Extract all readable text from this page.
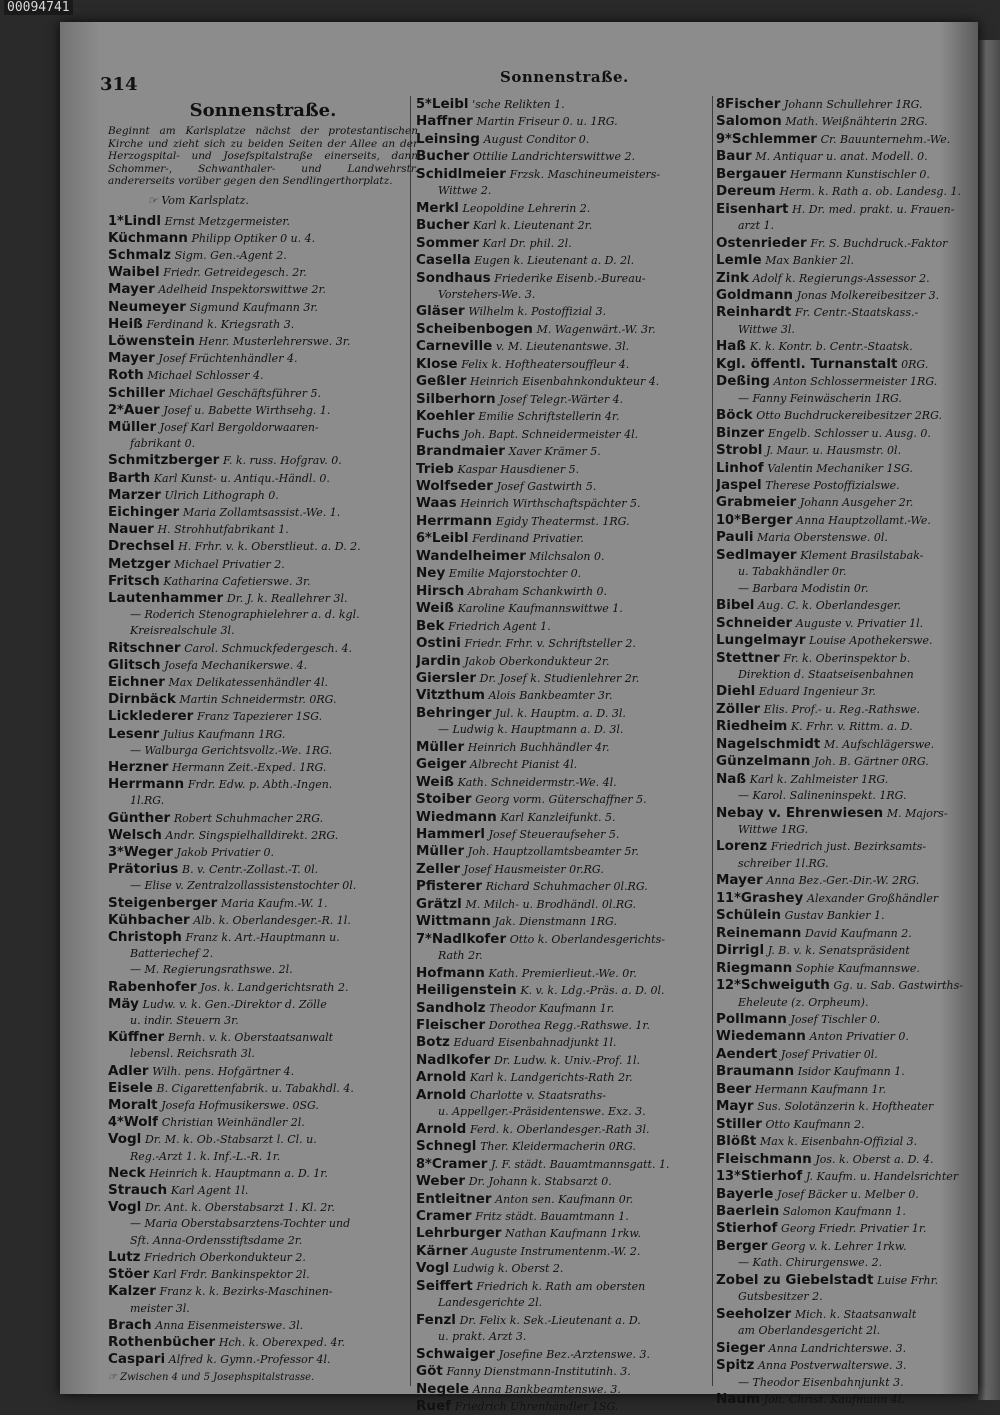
00094741
314	Sonnenstraße.
Sonnenstraße.
Beginnt am Karlsplatze nächst der protestantischen Kirche und zieht sich zu beiden Seiten der Allee an der Herzogspital- und Josefspitalstraße einerseits, dann Schommer-, Schwanthaler- und Landwehrstr. andererseits vorüber gegen den Sendlingerthorplatz.
☞ Vom Karlsplatz.
1*Lindl Ernst Metzgermeister.
Küchmann Philipp Optiker 0 u. 4.
Schmalz Sigm. Gen.-Agent 2.
Waibel Friedr. Getreidegesch. 2r.
Mayer Adelheid Inspektorswittwe 2r.
Neumeyer Sigmund Kaufmann 3r.
Heiß Ferdinand k. Kriegsrath 3.
Löwenstein Henr. Musterlehrerswe. 3r.
Mayer Josef Früchtenhändler 4.
Roth Michael Schlosser 4.
Schiller Michael Geschäftsführer 5.
2*Auer Josef u. Babette Wirthsehg. 1.
Müller Josef Karl Bergoldorwaaren-
fabrikant 0.
Schmitzberger F. k. russ. Hofgrav. 0.
Barth Karl Kunst- u. Antiqu.-Händl. 0.
Marzer Ulrich Lithograph 0.
Eichinger Maria Zollamtsassist.-We. 1.
Nauer H. Strohhutfabrikant 1.
Drechsel H. Frhr. v. k. Oberstlieut. a. D. 2.
Metzger Michael Privatier 2.
Fritsch Katharina Cafetierswe. 3r.
Lautenhammer Dr. J. k. Reallehrer 3l.
— Roderich Stenographielehrer a. d. kgl.
Kreisrealschule 3l.
Ritschner Carol. Schmuckfedergesch. 4.
Glitsch Josefa Mechanikerswe. 4.
Eichner Max Delikatessenhändler 4l.
Dirnbäck Martin Schneidermstr. 0RG.
Licklederer Franz Tapezierer 1SG.
Lesenr Julius Kaufmann 1RG.
— Walburga Gerichtsvollz.-We. 1RG.
Herzner Hermann Zeit.-Exped. 1RG.
Herrmann Frdr. Edw. p. Abth.-Ingen.
1l.RG.
Günther Robert Schuhmacher 2RG.
Welsch Andr. Singspielhalldirekt. 2RG.
3*Weger Jakob Privatier 0.
Prätorius B. v. Centr.-Zollast.-T. 0l.
— Elise v. Zentralzollassistenstochter 0l.
Steigenberger Maria Kaufm.-W. 1.
Kühbacher Alb. k. Oberlandesger.-R. 1l.
Christoph Franz k. Art.-Hauptmann u.
Batteriechef 2.
— M. Regierungsrathswe. 2l.
Rabenhofer Jos. k. Landgerichtsrath 2.
Mäy Ludw. v. k. Gen.-Direktor d. Zölle
u. indir. Steuern 3r.
Küffner Bernh. v. k. Oberstaatsanwalt
lebensl. Reichsrath 3l.
Adler Wilh. pens. Hofgärtner 4.
Eisele B. Cigarettenfabrik. u. Tabakhdl. 4.
Moralt Josefa Hofmusikerswe. 0SG.
4*Wolf Christian Weinhändler 2l.
Vogl Dr. M. k. Ob.-Stabsarzt l. Cl. u.
Reg.-Arzt 1. k. Inf.-L.-R. 1r.
Neck Heinrich k. Hauptmann a. D. 1r.
Strauch Karl Agent 1l.
Vogl Dr. Ant. k. Oberstabsarzt 1. Kl. 2r.
— Maria Oberstabsarztens-Tochter und
Sft. Anna-Ordensstiftsdame 2r.
Lutz Friedrich Oberkondukteur 2.
Stöer Karl Frdr. Bankinspektor 2l.
Kalzer Franz k. k. Bezirks-Maschinen-
meister 3l.
Brach Anna Eisenmeisterswe. 3l.
Rothenbücher Hch. k. Oberexped. 4r.
Caspari Alfred k. Gymn.-Professor 4l.
☞ Zwischen 4 und 5 Josephspitalstrasse.
5*Leibl 'sche Relikten 1.
Haffner Martin Friseur 0. u. 1RG.
Leinsing August Conditor 0.
Bucher Ottilie Landrichterswittwe 2.
Schidlmeier Frzsk. Maschineumeisters-
Wittwe 2.
Merkl Leopoldine Lehrerin 2.
Bucher Karl k. Lieutenant 2r.
Sommer Karl Dr. phil. 2l.
Casella Eugen k. Lieutenant a. D. 2l.
Sondhaus Friederike Eisenb.-Bureau-
Vorstehers-We. 3.
Gläser Wilhelm k. Postoffizial 3.
Scheibenbogen M. Wagenwärt.-W. 3r.
Carneville v. M. Lieutenantswe. 3l.
Klose Felix k. Hoftheatersouffleur 4.
Geßler Heinrich Eisenbahnkondukteur 4.
Silberhorn Josef Telegr.-Wärter 4.
Koehler Emilie Schriftstellerin 4r.
Fuchs Joh. Bapt. Schneidermeister 4l.
Brandmaier Xaver Krämer 5.
Trieb Kaspar Hausdiener 5.
Wolfseder Josef Gastwirth 5.
Waas Heinrich Wirthschaftspächter 5.
Herrmann Egidy Theatermst. 1RG.
6*Leibl Ferdinand Privatier.
Wandelheimer Milchsalon 0.
Ney Emilie Majorstochter 0.
Hirsch Abraham Schankwirth 0.
Weiß Karoline Kaufmannswittwe 1.
Bek Friedrich Agent 1.
Ostini Friedr. Frhr. v. Schriftsteller 2.
Jardin Jakob Oberkondukteur 2r.
Giersler Dr. Josef k. Studienlehrer 2r.
Vitzthum Alois Bankbeamter 3r.
Behringer Jul. k. Hauptm. a. D. 3l.
— Ludwig k. Hauptmann a. D. 3l.
Müller Heinrich Buchhändler 4r.
Geiger Albrecht Pianist 4l.
Weiß Kath. Schneidermstr.-We. 4l.
Stoiber Georg vorm. Güterschaffner 5.
Wiedmann Karl Kanzleifunkt. 5.
Hammerl Josef Steueraufseher 5.
Müller Joh. Hauptzollamtsbeamter 5r.
Zeller Josef Hausmeister 0r.RG.
Pfisterer Richard Schuhmacher 0l.RG.
Grätzl M. Milch- u. Brodhändl. 0l.RG.
Wittmann Jak. Dienstmann 1RG.
7*Nadlkofer Otto k. Oberlandesgerichts-
Rath 2r.
Hofmann Kath. Premierlieut.-We. 0r.
Heiligenstein K. v. k. Ldg.-Präs. a. D. 0l.
Sandholz Theodor Kaufmann 1r.
Fleischer Dorothea Regg.-Rathswe. 1r.
Botz Eduard Eisenbahnadjunkt 1l.
Nadlkofer Dr. Ludw. k. Univ.-Prof. 1l.
Arnold Karl k. Landgerichts-Rath 2r.
Arnold Charlotte v. Staatsraths-
u. Appellger.-Präsidentenswe. Exz. 3.
Arnold Ferd. k. Oberlandesger.-Rath 3l.
Schnegl Ther. Kleidermacherin 0RG.
8*Cramer J. F. städt. Bauamtmannsgatt. 1.
Weber Dr. Johann k. Stabsarzt 0.
Entleitner Anton sen. Kaufmann 0r.
Cramer Fritz städt. Bauamtmann 1.
Lehrburger Nathan Kaufmann 1rkw.
Kärner Auguste Instrumentenm.-W. 2.
Vogl Ludwig k. Oberst 2.
Seiffert Friedrich k. Rath am obersten
Landesgerichte 2l.
Fenzl Dr. Felix k. Sek.-Lieutenant a. D.
u. prakt. Arzt 3.
Schwaiger Josefine Bez.-Arztenswe. 3.
Göt Fanny Dienstmann-Institutinh. 3.
Negele Anna Bankbeamtenswe. 3.
Ruef Friedrich Uhrenhändler 1SG.
8Fischer Johann Schullehrer 1RG.
Salomon Math. Weißnähterin 2RG.
9*Schlemmer Cr. Bauunternehm.-We.
Baur M. Antiquar u. anat. Modell. 0.
Bergauer Hermann Kunstischler 0.
Dereum Herm. k. Rath a. ob. Landesg. 1.
Eisenhart H. Dr. med. prakt. u. Frauen-
arzt 1.
Ostenrieder Fr. S. Buchdruck.-Faktor
Lemle Max Bankier 2l.
Zink Adolf k. Regierungs-Assessor 2.
Goldmann Jonas Molkereibesitzer 3.
Reinhardt Fr. Centr.-Staatskass.-
Wittwe 3l.
Haß K. k. Kontr. b. Centr.-Staatsk.
Kgl. öffentl. Turnanstalt 0RG.
Deßing Anton Schlossermeister 1RG.
— Fanny Feinwäscherin 1RG.
Böck Otto Buchdruckereibesitzer 2RG.
Binzer Engelb. Schlosser u. Ausg. 0.
Strobl J. Maur. u. Hausmstr. 0l.
Linhof Valentin Mechaniker 1SG.
Jaspel Therese Postoffizialswe.
Grabmeier Johann Ausgeher 2r.
10*Berger Anna Hauptzollamt.-We.
Pauli Maria Oberstenswe. 0l.
Sedlmayer Klement Brasilstabak-
u. Tabakhändler 0r.
— Barbara Modistin 0r.
Bibel Aug. C. k. Oberlandesger.
Schneider Auguste v. Privatier 1l.
Lungelmayr Louise Apothekerswe.
Stettner Fr. k. Oberinspektor b.
Direktion d. Staatseisenbahnen
Diehl Eduard Ingenieur 3r.
Zöller Elis. Prof.- u. Reg.-Rathswe.
Riedheim K. Frhr. v. Rittm. a. D.
Nagelschmidt M. Aufschlägerswe.
Günzelmann Joh. B. Gärtner 0RG.
Naß Karl k. Zahlmeister 1RG.
— Karol. Salineninspekt. 1RG.
Nebay v. Ehrenwiesen M. Majors-
Wittwe 1RG.
Lorenz Friedrich just. Bezirksamts-
schreiber 1l.RG.
Mayer Anna Bez.-Ger.-Dir.-W. 2RG.
11*Grashey Alexander Großhändler
Schülein Gustav Bankier 1.
Reinemann David Kaufmann 2.
Dirrigl J. B. v. k. Senatspräsident
Riegmann Sophie Kaufmannswe.
12*Schweiguth Gg. u. Sab. Gastwirths-
Eheleute (z. Orpheum).
Pollmann Josef Tischler 0.
Wiedemann Anton Privatier 0.
Aendert Josef Privatier 0l.
Braumann Isidor Kaufmann 1.
Beer Hermann Kaufmann 1r.
Mayr Sus. Solotänzerin k. Hoftheater
Stiller Otto Kaufmann 2.
Blößt Max k. Eisenbahn-Offizial 3.
Fleischmann Jos. k. Oberst a. D. 4.
13*Stierhof J. Kaufm. u. Handelsrichter
Bayerle Josef Bäcker u. Melber 0.
Baerlein Salomon Kaufmann 1.
Stierhof Georg Friedr. Privatier 1r.
Berger Georg v. k. Lehrer 1rkw.
— Kath. Chirurgenswe. 2.
Zobel zu Giebelstadt Luise Frhr.
Gutsbesitzer 2.
Seeholzer Mich. k. Staatsanwalt
am Oberlandesgericht 2l.
Sieger Anna Landrichterswe. 3.
Spitz Anna Postverwalterswe. 3.
— Theodor Eisenbahnjunkt 3.
Naum Joh. Christ. Kaufmann 4l.
